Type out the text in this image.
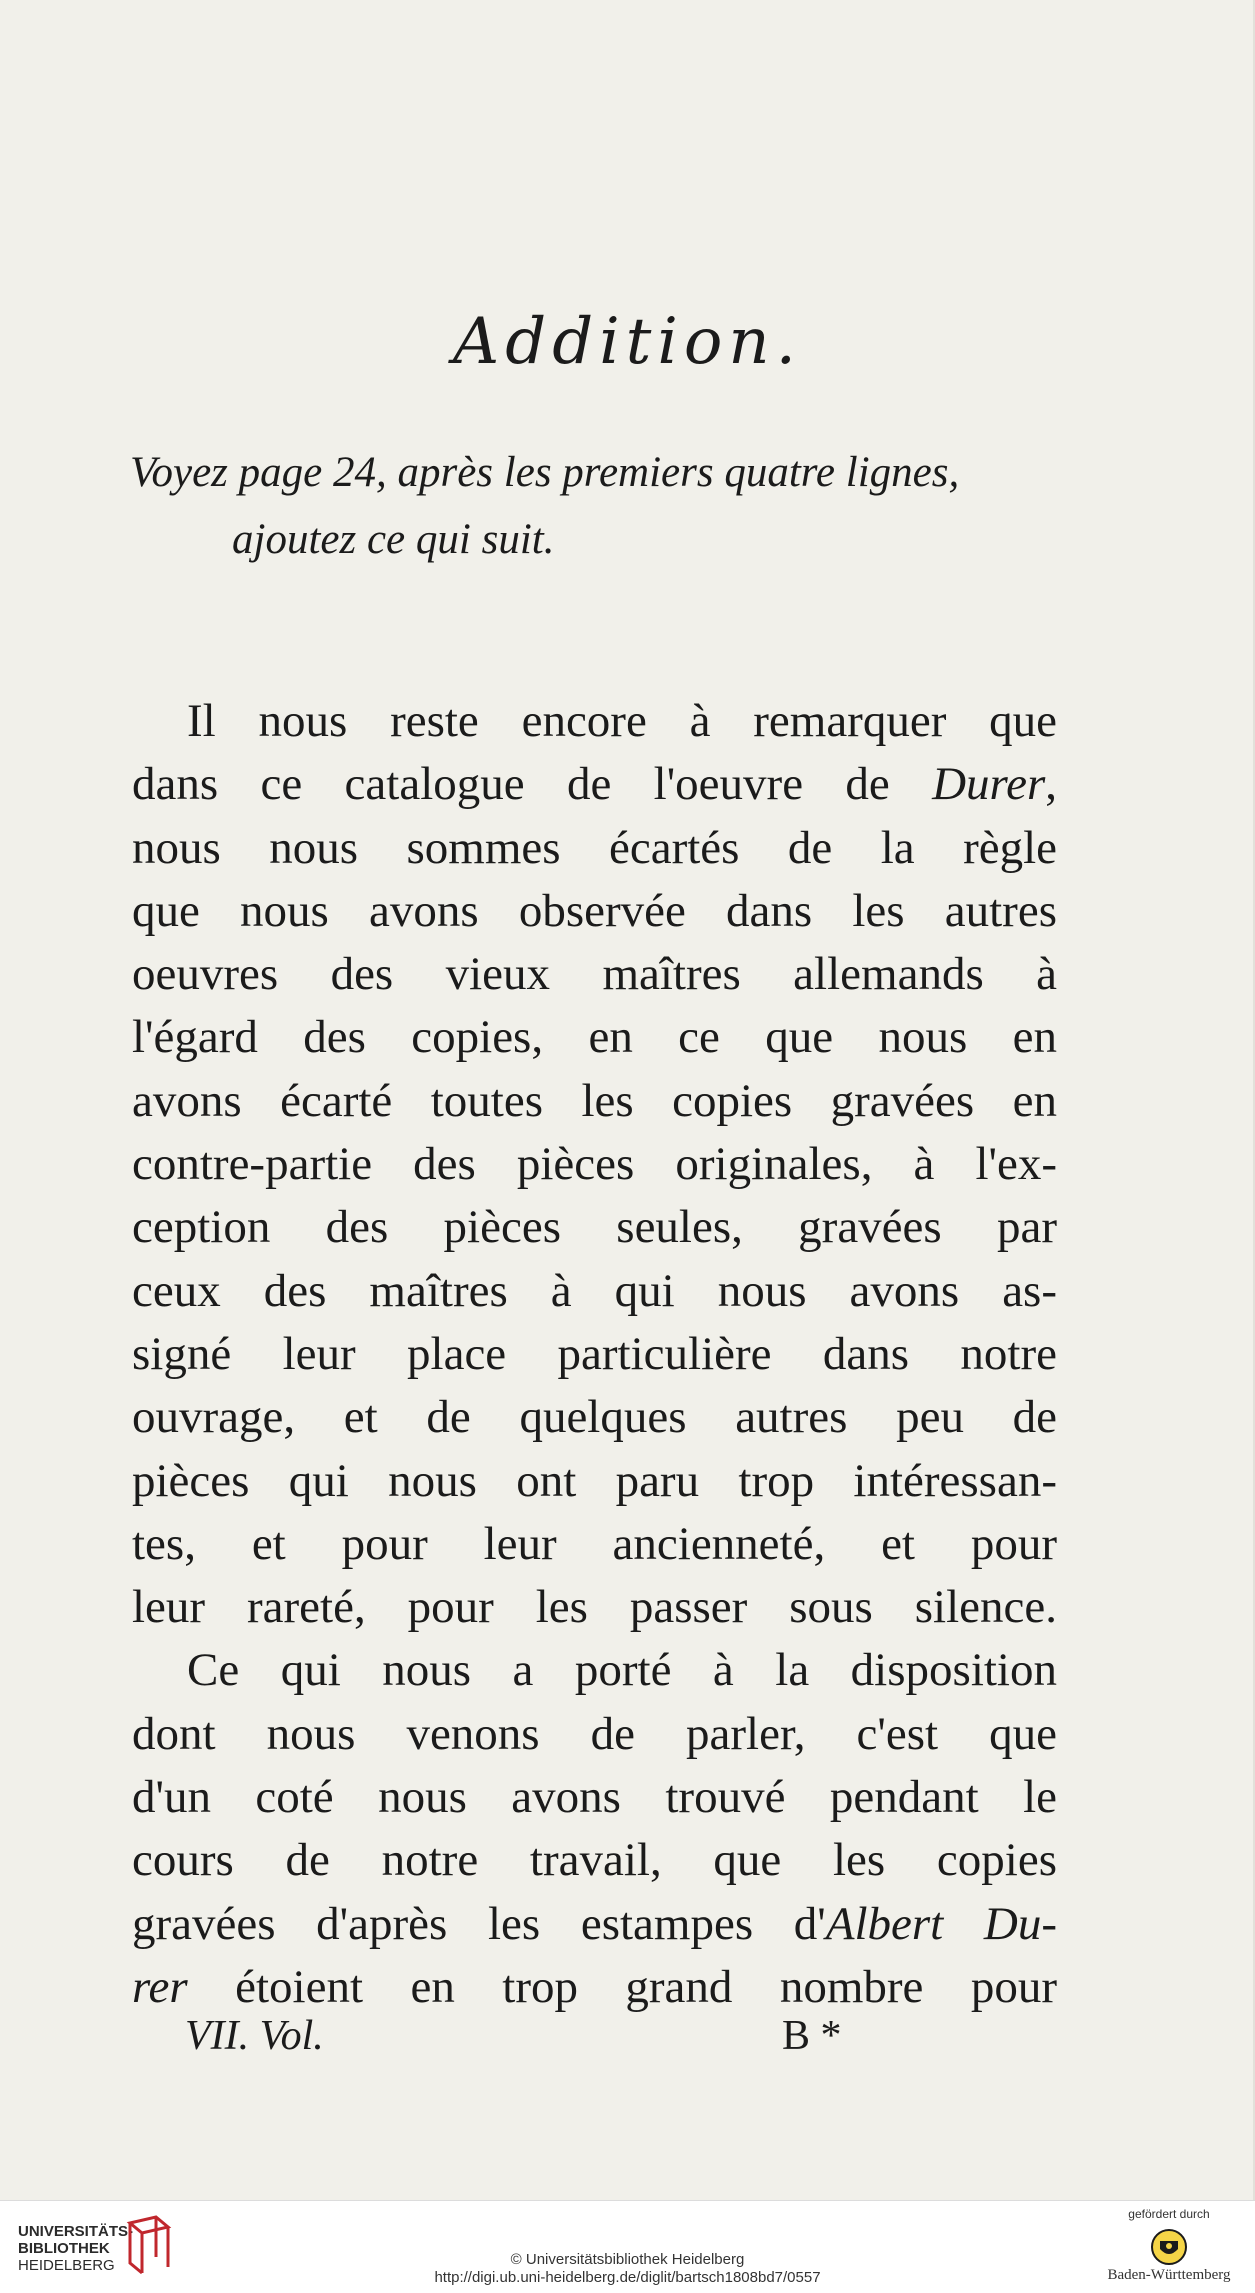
Addition.
Voyez page 24, après les premiers quatre lignes,
ajoutez ce qui suit.
Il nous reste encore à remarquer que
dans ce catalogue de l'oeuvre de Durer,
nous nous sommes écartés de la règle
que nous avons observée dans les autres
oeuvres des vieux maîtres allemands à
l'égard des copies, en ce que nous en
avons écarté toutes les copies gravées en
contre-partie des pièces originales, à l'ex-
ception des pièces seules, gravées par
ceux des maîtres à qui nous avons as-
signé leur place particulière dans notre
ouvrage, et de quelques autres peu de
pièces qui nous ont paru trop intéressan-
tes, et pour leur ancienneté, et pour
leur rareté, pour les passer sous silence.
Ce qui nous a porté à la disposition
dont nous venons de parler, c'est que
d'un coté nous avons trouvé pendant le
cours de notre travail, que les copies
gravées d'après les estampes d'Albert Du-
rer étoient en trop grand nombre pour
VII. Vol.	B *
UNIVERSITÄTS-
BIBLIOTHEK
HEIDELBERG	© Universitätsbibliothek Heidelberg
http://digi.ub.uni-heidelberg.de/diglit/bartsch1808bd7/0557
gefördert durch
Baden-Württemberg
